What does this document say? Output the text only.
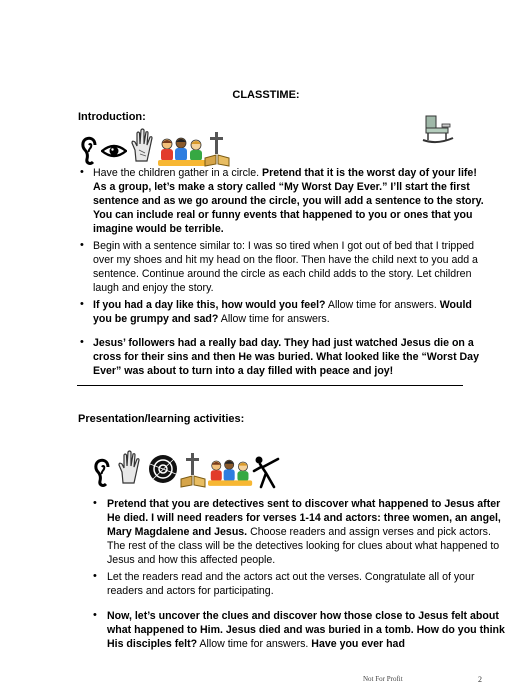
CLASSTIME:
Introduction:
• Have the children gather in a circle. Pretend that it is the worst day of your life! As a group, let’s make a story called “My Worst Day Ever.” I’ll start the first sentence and as we go around the circle, you will add a sentence to the story. You can include real or funny events that happened to you or ones that you imagine would be terrible.

• Begin with a sentence similar to: I was so tired when I got out of bed that I tripped over my shoes and hit my head on the floor. Then have the child next to you add a sentence. Continue around the circle as each child adds to the story. Let children laugh and enjoy the story.

• If you had a day like this, how would you feel? Allow time for answers. Would you be grumpy and sad? Allow time for answers.

• Jesus’ followers had a really bad day. They had just watched Jesus die on a cross for their sins and then He was buried. What looked like the “Worst Day Ever” was about to turn into a day filled with peace and joy!

Presentation/learning activities:
• Pretend that you are detectives sent to discover what happened to Jesus after He died. I will need readers for verses 1-14 and actors: three women, an angel, Mary Magdalene and Jesus. Choose readers and assign verses and pick actors. The rest of the class will be the detectives looking for clues about what happened to Jesus and how this affected people.

• Let the readers read and the actors act out the verses. Congratulate all of your readers and actors for participating.

• Now, let’s uncover the clues and discover how those close to Jesus felt about what happened to Him. Jesus died and was buried in a tomb. How do you think His disciples felt? Allow time for answers. Have you ever had

Not For Profit	2
